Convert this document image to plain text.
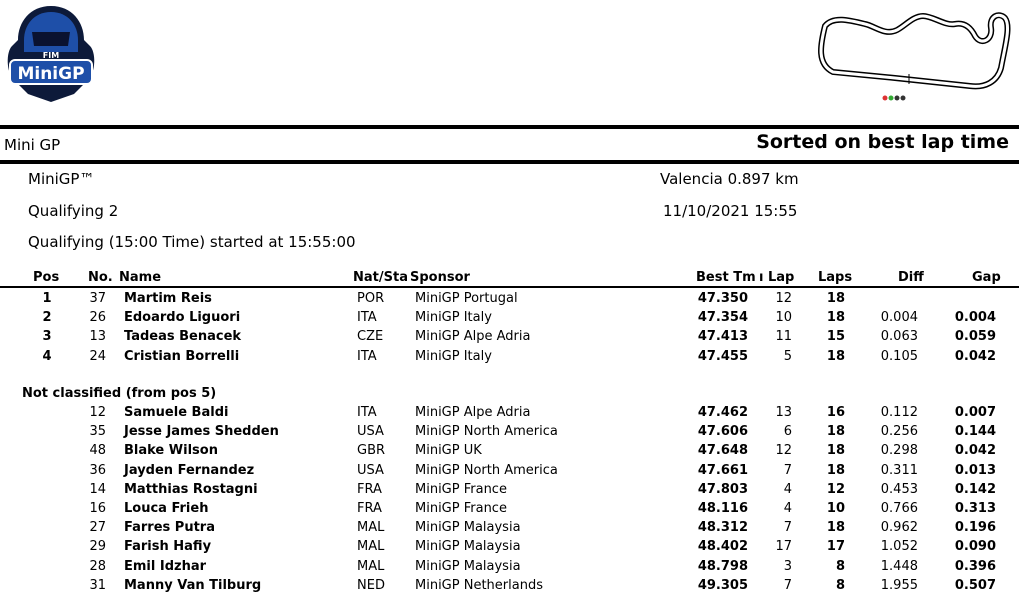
FIM
MiniGP
Mini GP	Sorted on best lap time
MiniGP™	Valencia 0.897 km
Qualifying 2	11/10/2021 15:55
Qualifying (15:00 Time) started at 15:55:00
Pos No. Name	Nat/Sta Sponsor	Best Tm ı Lap Laps	Diff	Gap
1	37 Martim Reis	POR MiniGP Portugal	47.350	12	18
2	26 Edoardo Liguori	ITA	MiniGP Italy	47.354	10	18	0.004	0.004
3	13 Tadeas Benacek	CZE MiniGP Alpe Adria	47.413	11	15	0.063	0.059
4	24 Cristian Borrelli	ITA	MiniGP Italy	47.455	5	18	0.105	0.042
Not classified (from pos 5)
12 Samuele Baldi	ITA	MiniGP Alpe Adria	47.462	13	16	0.112	0.007
35 Jesse James Shedden	USA MiniGP North America	47.606	6	18	0.256	0.144
48 Blake Wilson	GBR MiniGP UK	47.648	12	18	0.298	0.042
36 Jayden Fernandez	USA MiniGP North America	47.661	7	18	0.311	0.013
14 Matthias Rostagni	FRA	MiniGP France	47.803	4	12	0.453	0.142
16 Louca Frieh	FRA	MiniGP France	48.116	4	10	0.766	0.313
27 Farres Putra	MAL MiniGP Malaysia	48.312	7	18	0.962	0.196
29 Farish Hafiy	MAL MiniGP Malaysia	48.402	17	17	1.052	0.090
28 Emil Idzhar	MAL MiniGP Malaysia	48.798	3	8	1.448	0.396
31 Manny Van Tilburg	NED MiniGP Netherlands	49.305	7	8	1.955	0.507
